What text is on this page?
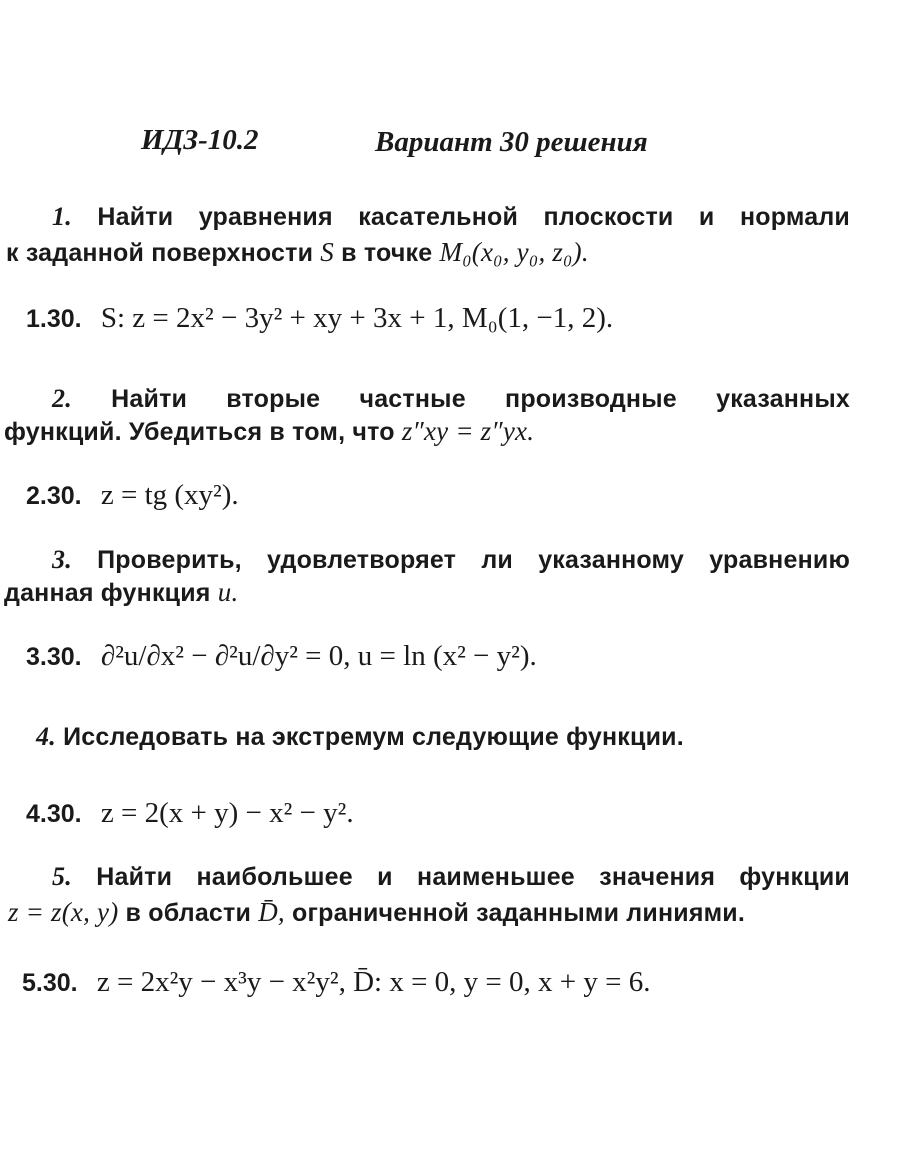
ИДЗ-10.2	Вариант 30 решения
1. Найти уравнения касательной плоскости и нормали
к заданной поверхности S в точке M₀(x₀, y₀, z₀).
1.30. S: z = 2x² − 3y² + xy + 3x + 1, M₀(1, −1, 2).
2. Найти вторые частные производные указанных
функций. Убедиться в том, что z″xy = z″yx.
2.30. z = tg (xy²).
3. Проверить, удовлетворяет ли указанному уравнению
данная функция u.
3.30. ∂²u/∂x² − ∂²u/∂y² = 0, u = ln (x² − y²).
4. Исследовать на экстремум следующие функции.
4.30. z = 2(x + y) − x² − y².
5. Найти наибольшее и наименьшее значения функции
z = z(x, y) в области D̄, ограниченной заданными линиями.
5.30. z = 2x²y − x³y − x²y², D̄: x = 0, y = 0, x + y = 6.
